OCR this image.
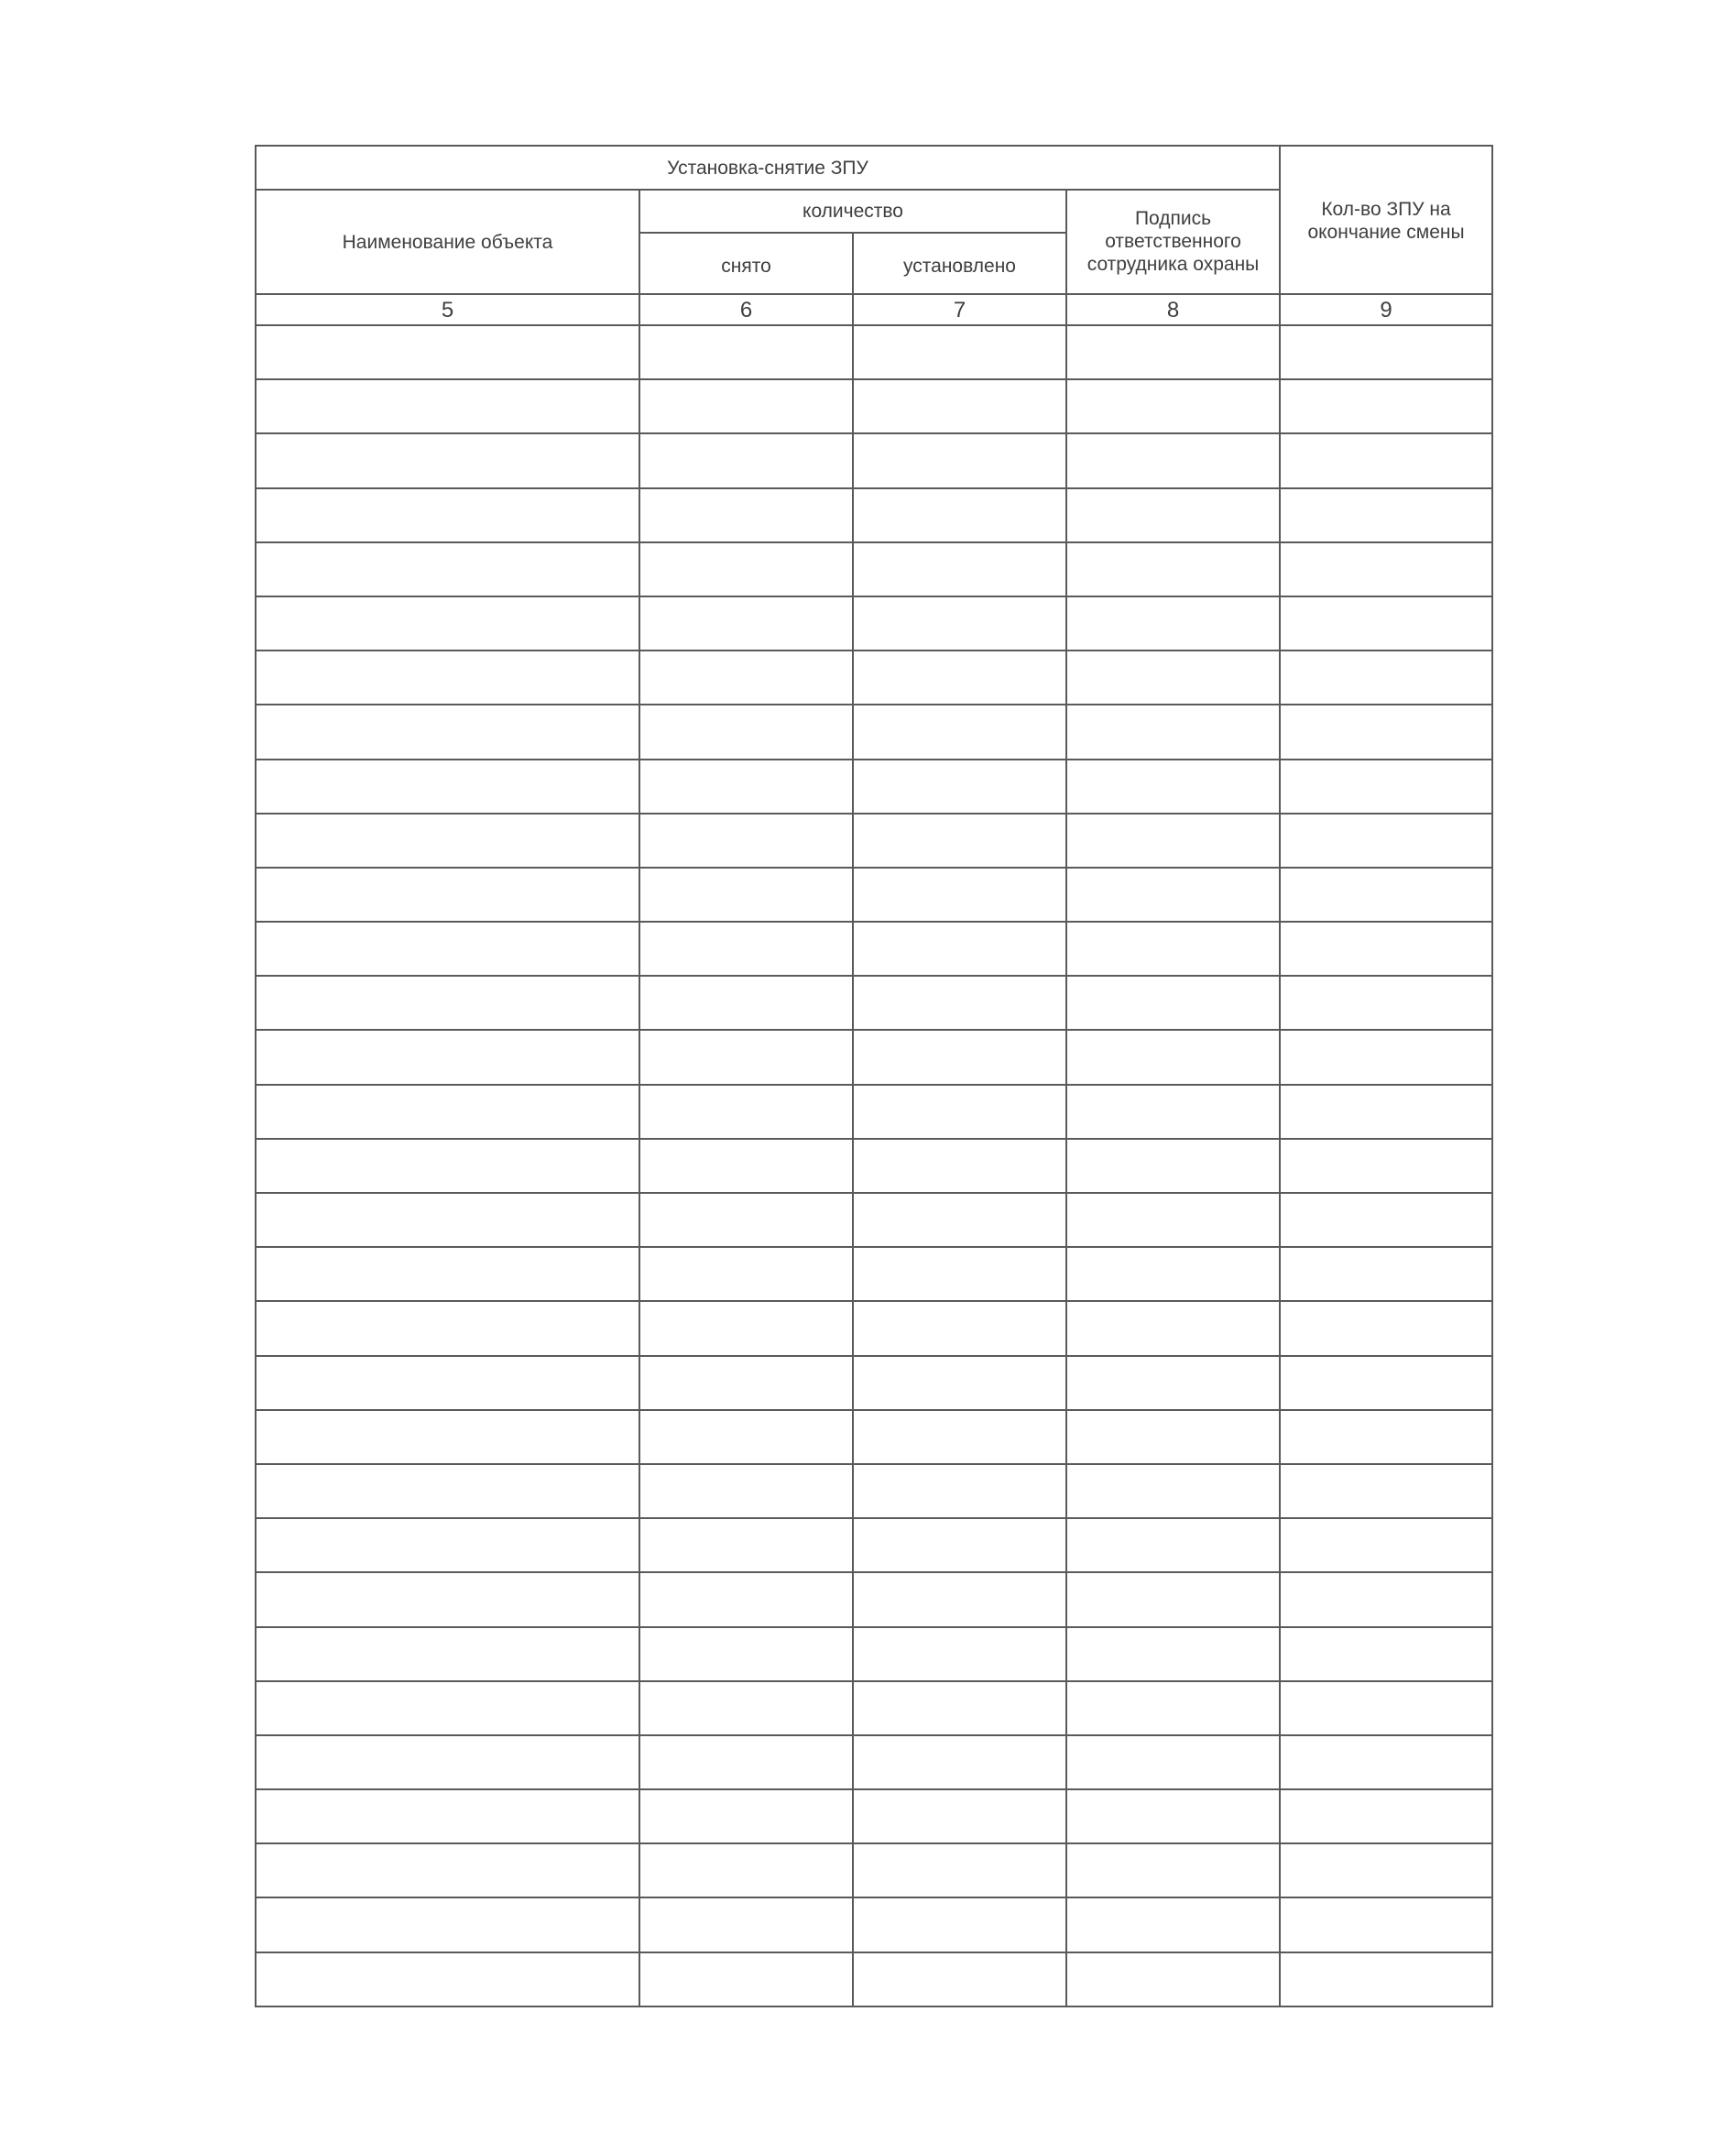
Установка-снятие ЗПУ				Кол-во ЗПУ на окончание смены
Наименование объекта	количество		Подпись ответственного сотрудника охраны	
	снято	установлено		
5	6	7	8	9
